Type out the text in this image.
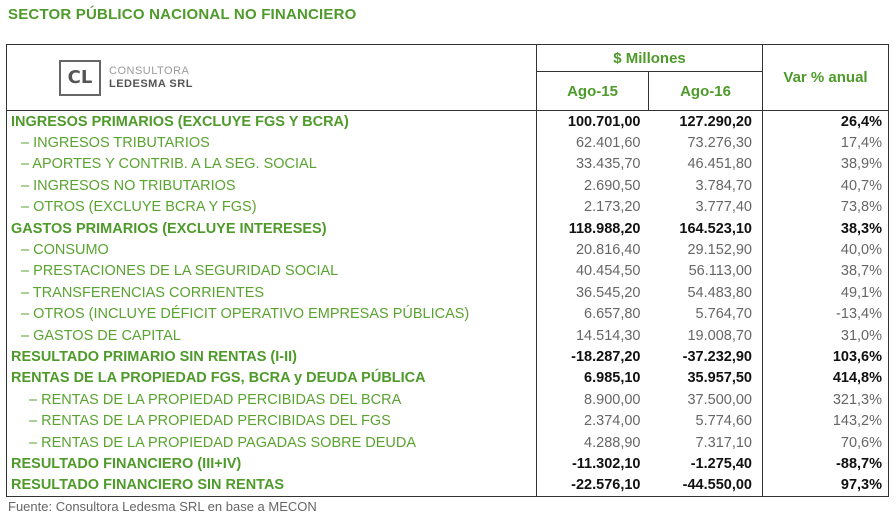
SECTOR PÚBLICO NACIONAL NO FINANCIERO
CL CONSULTORA
LEDESMA SRL	$ Millones		Var % anual
	Ago-15	Ago-16	
INGRESOS PRIMARIOS (EXCLUYE FGS Y BCRA)	100.701,00	127.290,20	26,4%
– INGRESOS TRIBUTARIOS	62.401,60	73.276,30	17,4%
– APORTES Y CONTRIB. A LA SEG. SOCIAL	33.435,70	46.451,80	38,9%
– INGRESOS NO TRIBUTARIOS	2.690,50	3.784,70	40,7%
– OTROS (EXCLUYE BCRA Y FGS)	2.173,20	3.777,40	73,8%
GASTOS PRIMARIOS (EXCLUYE INTERESES)	118.988,20	164.523,10	38,3%
– CONSUMO	20.816,40	29.152,90	40,0%
– PRESTACIONES DE LA SEGURIDAD SOCIAL	40.454,50	56.113,00	38,7%
– TRANSFERENCIAS CORRIENTES	36.545,20	54.483,80	49,1%
– OTROS (INCLUYE DÉFICIT OPERATIVO EMPRESAS PÚBLICAS)	6.657,80	5.764,70	-13,4%
– GASTOS DE CAPITAL	14.514,30	19.008,70	31,0%
RESULTADO PRIMARIO SIN RENTAS (I-II)	-18.287,20	-37.232,90	103,6%
RENTAS DE LA PROPIEDAD FGS, BCRA y DEUDA PÚBLICA	6.985,10	35.957,50	414,8%
– RENTAS DE LA PROPIEDAD PERCIBIDAS DEL BCRA	8.900,00	37.500,00	321,3%
– RENTAS DE LA PROPIEDAD PERCIBIDAS DEL FGS	2.374,00	5.774,60	143,2%
– RENTAS DE LA PROPIEDAD PAGADAS SOBRE DEUDA	4.288,90	7.317,10	70,6%
RESULTADO FINANCIERO (III+IV)	-11.302,10	-1.275,40	-88,7%
RESULTADO FINANCIERO SIN RENTAS	-22.576,10	-44.550,00	97,3%
Fuente: Consultora Ledesma SRL en base a MECON
